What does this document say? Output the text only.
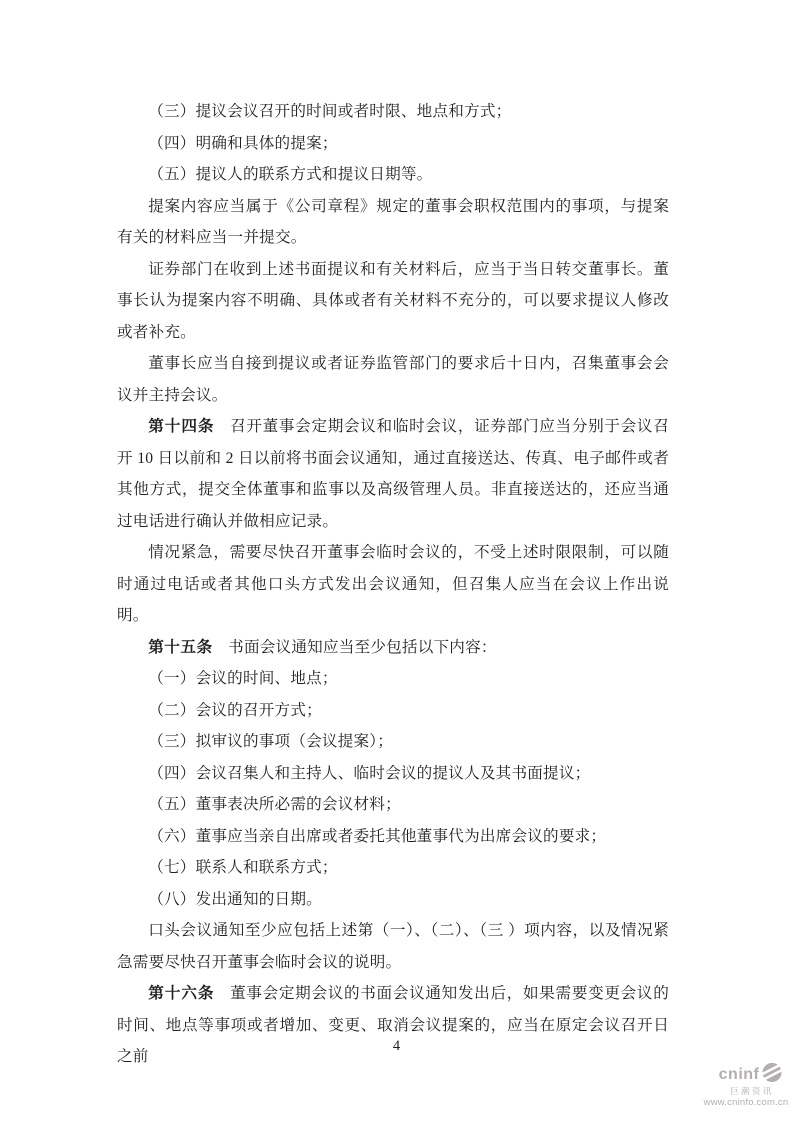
（三）提议会议召开的时间或者时限、地点和方式；

（四）明确和具体的提案；

（五）提议人的联系方式和提议日期等。

提案内容应当属于《公司章程》规定的董事会职权范围内的事项，与提案有关的材料应当一并提交。

证券部门在收到上述书面提议和有关材料后，应当于当日转交董事长。董事长认为提案内容不明确、具体或者有关材料不充分的，可以要求提议人修改或者补充。

董事长应当自接到提议或者证券监管部门的要求后十日内，召集董事会会议并主持会议。

第十四条 召开董事会定期会议和临时会议，证券部门应当分别于会议召开 10 日以前和 2 日以前将书面会议通知，通过直接送达、传真、电子邮件或者其他方式，提交全体董事和监事以及高级管理人员。非直接送达的，还应当通过电话进行确认并做相应记录。

情况紧急，需要尽快召开董事会临时会议的，不受上述时限限制，可以随时通过电话或者其他口头方式发出会议通知，但召集人应当在会议上作出说明。

第十五条 书面会议通知应当至少包括以下内容：

（一）会议的时间、地点；

（二）会议的召开方式；

（三）拟审议的事项（会议提案）；

（四）会议召集人和主持人、临时会议的提议人及其书面提议；

（五）董事表决所必需的会议材料；

（六）董事应当亲自出席或者委托其他董事代为出席会议的要求；

（七）联系人和联系方式；

（八）发出通知的日期。

口头会议通知至少应包括上述第（一）、（二）、（三 ）项内容，以及情况紧急需要尽快召开董事会临时会议的说明。

第十六条 董事会定期会议的书面会议通知发出后，如果需要变更会议的时间、地点等事项或者增加、变更、取消会议提案的，应当在原定会议召开日之前

4
cninf
巨潮资讯
www.cninfo.com.cn
